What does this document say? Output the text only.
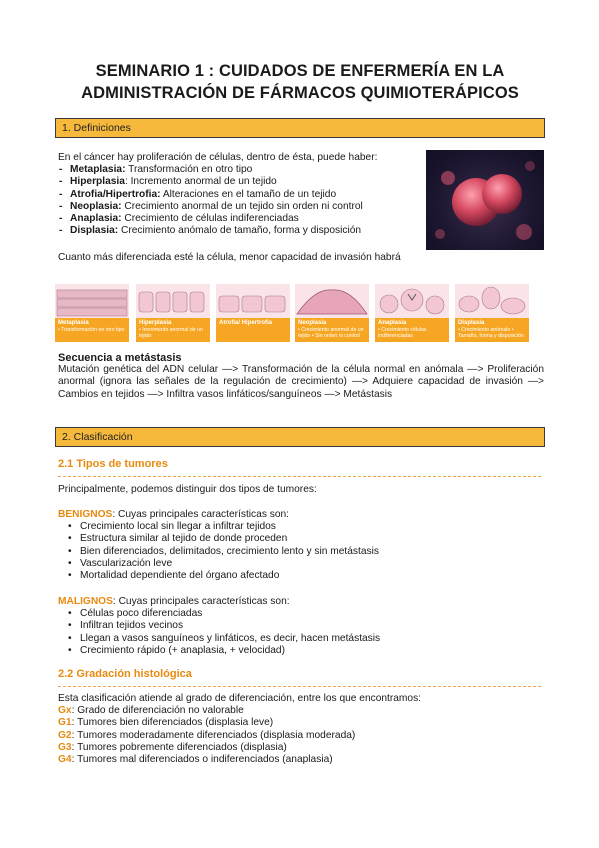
SEMINARIO 1 : CUIDADOS DE ENFERMERÍA EN LA
ADMINISTRACIÓN DE FÁRMACOS QUIMIOTERÁPICOS
1. Definiciones
En el cáncer hay proliferación de células, dentro de ésta, puede haber:
- Metaplasia: Transformación en otro tipo
- Hiperplasia: Incremento anormal de un tejido
- Atrofia/Hipertrofia: Alteraciones en el tamaño de un tejido
- Neoplasia: Crecimiento anormal de un tejido sin orden ni control
- Anaplasia: Crecimiento de células indiferenciadas
- Displasia: Crecimiento anómalo de tamaño, forma y disposición
Cuanto más diferenciada esté la célula, menor capacidad de invasión habrá
Metaplasia
• Transformación en otro tipo
Hiperplasia
• Incremento anormal de un tejido
Atrofia/ Hipertrofia	Neoplasia
• Crecimiento anormal de un tejido • Sin orden ni control
Anaplasia
• Crecimiento células indiferenciadas
Displasia
• Crecimiento anómalo • Tamaño, forma y disposición
Secuencia a metástasis
Mutación genética del ADN celular —> Transformación de la célula normal en anómala —> Proliferación anormal (ignora las señales de la regulación de crecimiento) —> Adquiere capacidad de invasión —> Cambios en tejidos —> Infiltra vasos linfáticos/sanguíneos —> Metástasis
2. Clasificación
2.1 Tipos de tumores
Principalmente, podemos distinguir dos tipos de tumores:
BENIGNOS: Cuyas principales características son:
• Crecimiento local sin llegar a infiltrar tejidos
• Estructura similar al tejido de donde proceden
• Bien diferenciados, delimitados, crecimiento lento y sin metástasis
• Vascularización leve
• Mortalidad dependiente del órgano afectado
MALIGNOS: Cuyas principales características son:
• Células poco diferenciadas
• Infiltran tejidos vecinos
• Llegan a vasos sanguíneos y linfáticos, es decir, hacen metástasis
• Crecimiento rápido (+ anaplasia, + velocidad)
2.2 Gradación histológica
Esta clasificación atiende al grado de diferenciación, entre los que encontramos:
Gx: Grado de diferenciación no valorable
G1: Tumores bien diferenciados (displasia leve)
G2: Tumores moderadamente diferenciados (displasia moderada)
G3: Tumores pobremente diferenciados (displasia)
G4: Tumores mal diferenciados o indiferenciados (anaplasia)
